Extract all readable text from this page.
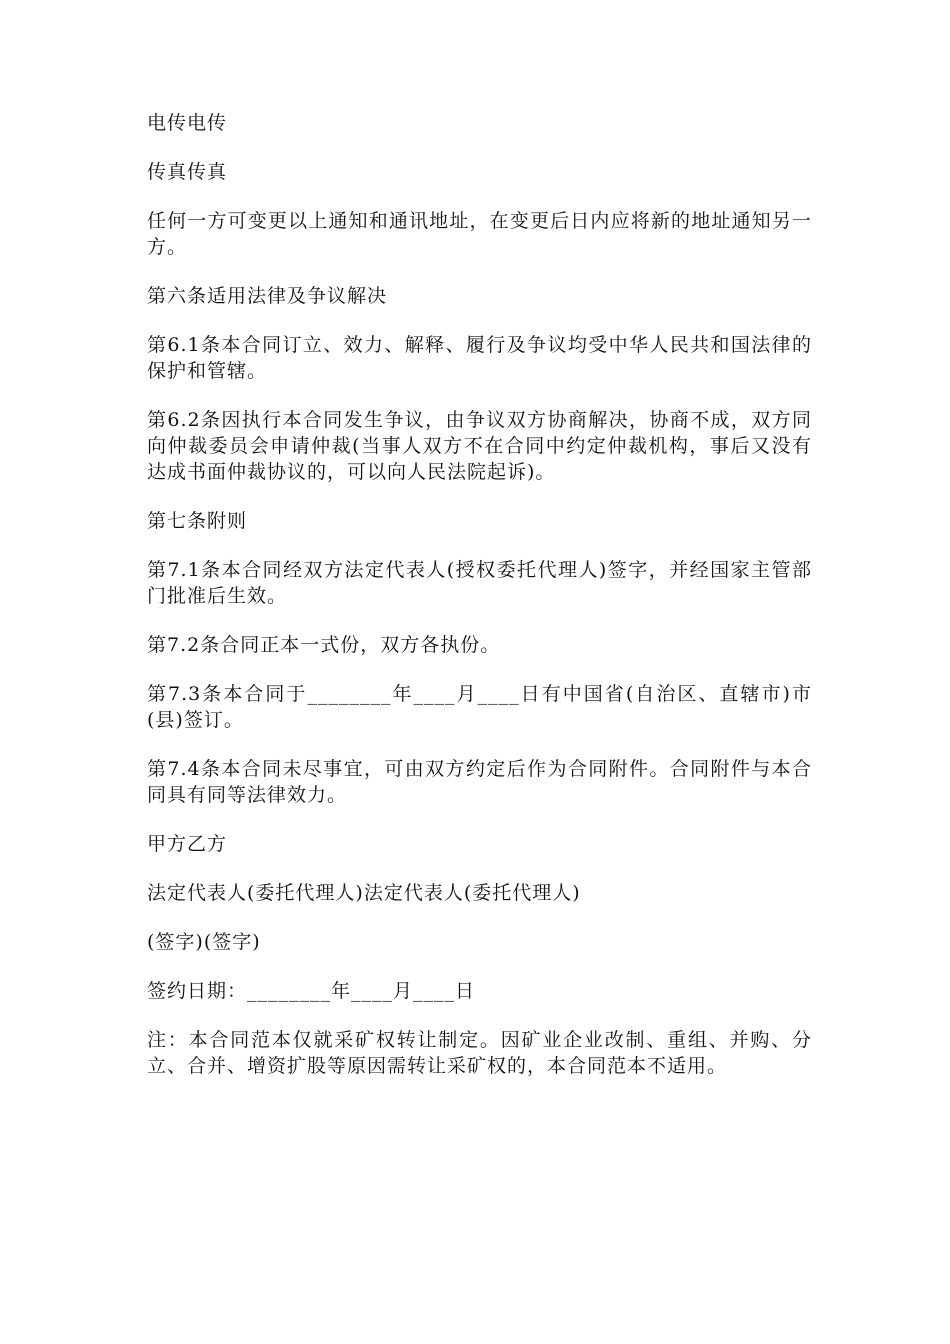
电传电传

传真传真

任何一方可变更以上通知和通讯地址，在变更后日内应将新的地址通知另一方。

第六条适用法律及争议解决

第6.1条本合同订立、效力、解释、履行及争议均受中华人民共和国法律的保护和管辖。

第6.2条因执行本合同发生争议，由争议双方协商解决，协商不成，双方同向仲裁委员会申请仲裁(当事人双方不在合同中约定仲裁机构，事后又没有达成书面仲裁协议的，可以向人民法院起诉)。

第七条附则

第7.1条本合同经双方法定代表人(授权委托代理人)签字，并经国家主管部门批准后生效。

第7.2条合同正本一式份，双方各执份。

第7.3条本合同于________年____月____日有中国省(自治区、直辖市)市(县)签订。

第7.4条本合同未尽事宜，可由双方约定后作为合同附件。合同附件与本合同具有同等法律效力。

甲方乙方

法定代表人(委托代理人)法定代表人(委托代理人)

(签字)(签字)

签约日期：________年____月____日

注：本合同范本仅就采矿权转让制定。因矿业企业改制、重组、并购、分立、合并、增资扩股等原因需转让采矿权的，本合同范本不适用。
